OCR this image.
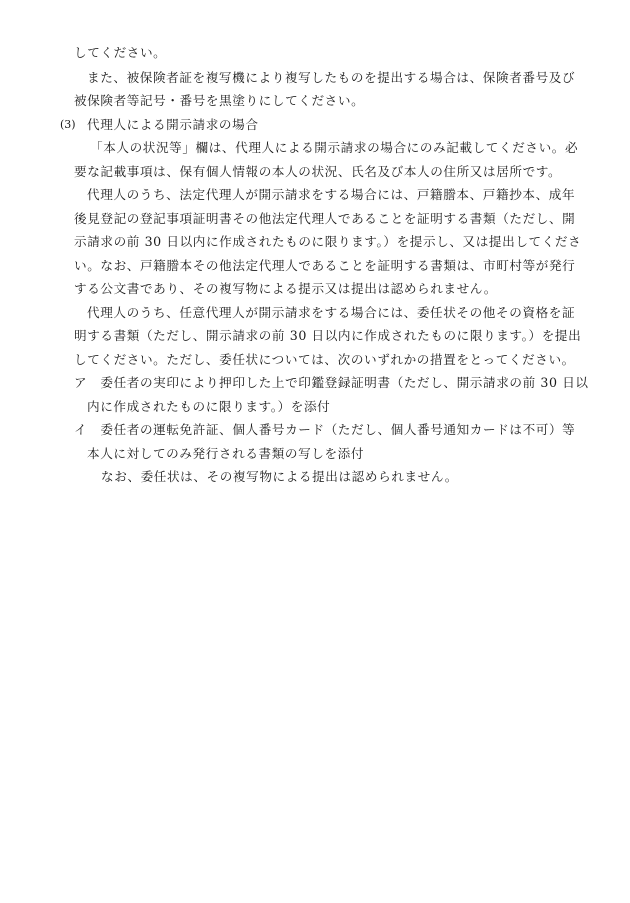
してください。
また、被保険者証を複写機により複写したものを提出する場合は、保険者番号及び
被保険者等記号・番号を黒塗りにしてください。
(3) 代理人による開示請求の場合
「本人の状況等」欄は、代理人による開示請求の場合にのみ記載してください。必
要な記載事項は、保有個人情報の本人の状況、氏名及び本人の住所又は居所です。
代理人のうち、法定代理人が開示請求をする場合には、戸籍謄本、戸籍抄本、成年
後見登記の登記事項証明書その他法定代理人であることを証明する書類（ただし、開
示請求の前 30 日以内に作成されたものに限ります。）を提示し、又は提出してくださ
い。なお、戸籍謄本その他法定代理人であることを証明する書類は、市町村等が発行
する公文書であり、その複写物による提示又は提出は認められません。
代理人のうち、任意代理人が開示請求をする場合には、委任状その他その資格を証
明する書類（ただし、開示請求の前 30 日以内に作成されたものに限ります。）を提出
してください。ただし、委任状については、次のいずれかの措置をとってください。
ア　委任者の実印により押印した上で印鑑登録証明書（ただし、開示請求の前 30 日以
内に作成されたものに限ります。）を添付
イ　委任者の運転免許証、個人番号カード（ただし、個人番号通知カードは不可）等
本人に対してのみ発行される書類の写しを添付
なお、委任状は、その複写物による提出は認められません。
